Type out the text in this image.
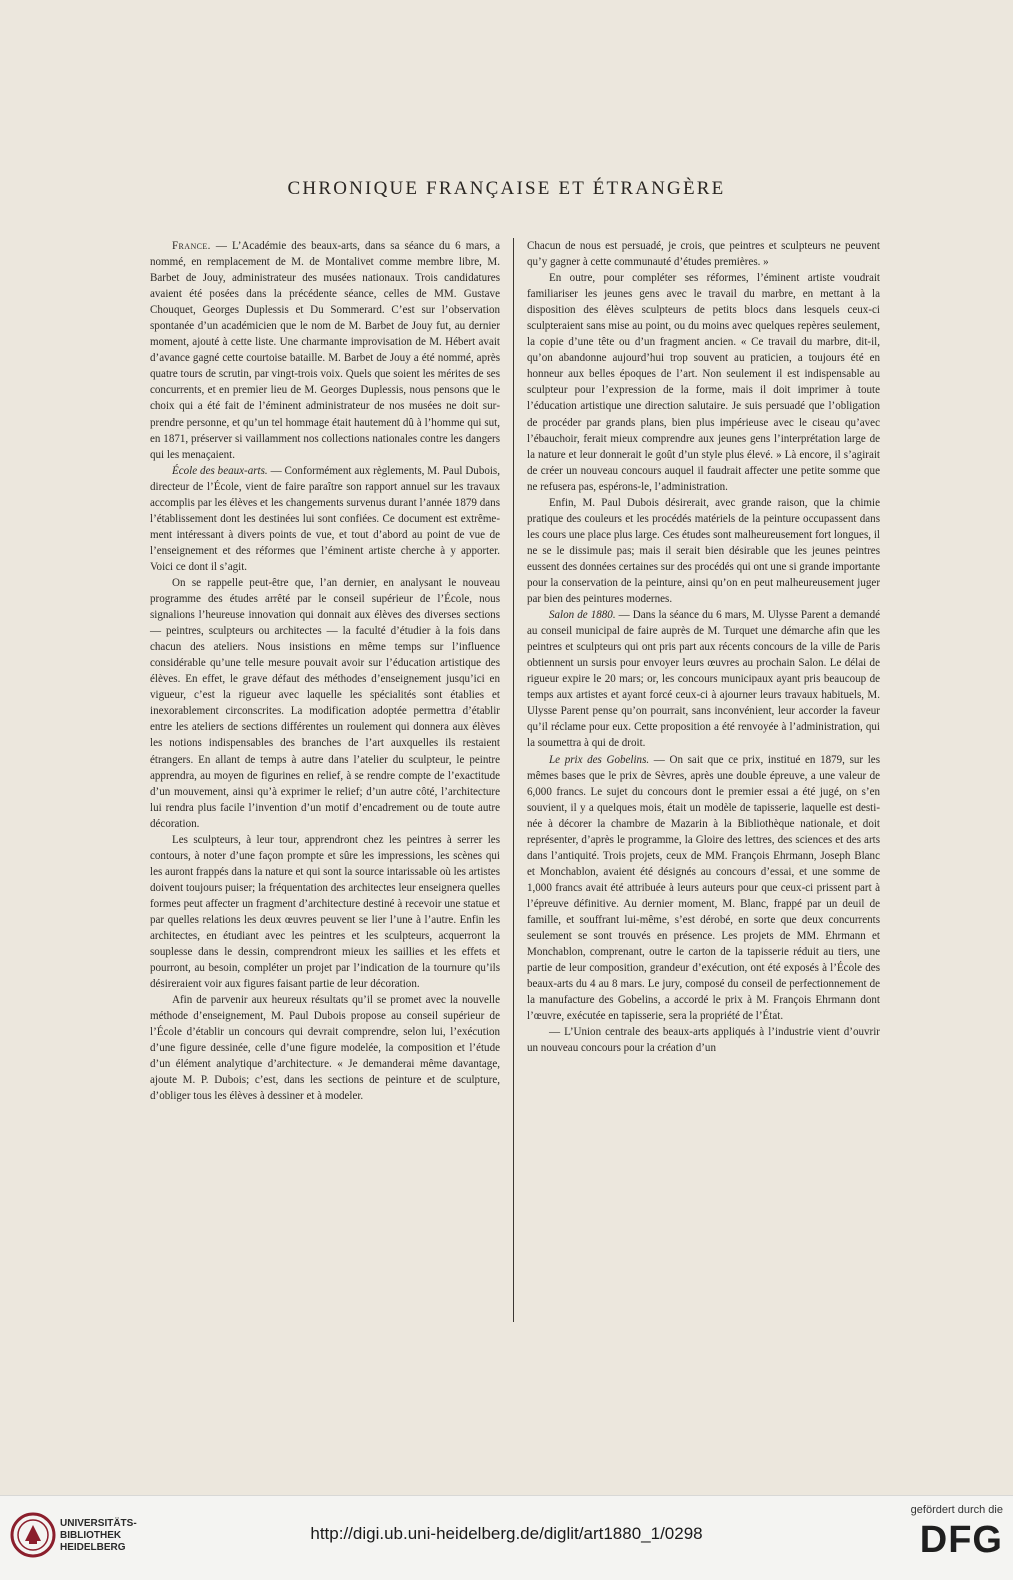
CHRONIQUE FRANÇAISE ET ÉTRANGÈRE

France. — L’Académie des beaux-arts, dans sa séance du 6 mars, a nommé, en remplacement de M. de Montalivet comme membre libre, M. Barbet de Jouy, administrateur des musées nationaux. Trois candidatures avaient été posées dans la précédente séance, celles de MM. Gustave Chouquet, Georges Duplessis et Du Sommerard. C’est sur l’observation spontanée d’un académicien que le nom de M. Barbet de Jouy fut, au dernier moment, ajouté à cette liste. Une charmante improvisation de M. Hébert avait d’avance gagné cette courtoise bataille. M. Barbet de Jouy a été nommé, après quatre tours de scrutin, par vingt-trois voix. Quels que soient les mérites de ses concurrents, et en premier lieu de M. Georges Duplessis, nous pensons que le choix qui a été fait de l’éminent administrateur de nos musées ne doit surprendre personne, et qu’un tel hommage était hautement dû à l’homme qui sut, en 1871, préserver si vaillamment nos collections nationales contre les dangers qui les menaçaient.

École des beaux-arts. — Conformément aux règlements, M. Paul Dubois, directeur de l’École, vient de faire paraître son rapport annuel sur les travaux accomplis par les élèves et les changements survenus durant l’année 1879 dans l’établissement dont les destinées lui sont confiées. Ce document est extrêmement intéressant à divers points de vue, et tout d’abord au point de vue de l’enseignement et des réformes que l’éminent artiste cherche à y apporter. Voici ce dont il s’agit.

On se rappelle peut-être que, l’an dernier, en analysant le nouveau programme des études arrêté par le conseil supérieur de l’École, nous signalions l’heureuse innovation qui donnait aux élèves des diverses sections — peintres, sculpteurs ou architectes — la faculté d’étudier à la fois dans chacun des ateliers. Nous insistions en même temps sur l’influence considérable qu’une telle mesure pouvait avoir sur l’éducation artistique des élèves. En effet, le grave défaut des méthodes d’enseignement jusqu’ici en vigueur, c’est la rigueur avec laquelle les spécialités sont établies et inexorablement circonscrites. La modification adoptée permettra d’établir entre les ateliers de sections différentes un roulement qui donnera aux élèves les notions indispensables des branches de l’art auxquelles ils restaient étrangers. En allant de temps à autre dans l’atelier du sculpteur, le peintre apprendra, au moyen de figurines en relief, à se rendre compte de l’exactitude d’un mouvement, ainsi qu’à exprimer le relief; d’un autre côté, l’architecture lui rendra plus facile l’invention d’un motif d’encadrement ou de toute autre décoration.

Les sculpteurs, à leur tour, apprendront chez les peintres à serrer les contours, à noter d’une façon prompte et sûre les impressions, les scènes qui les auront frappés dans la nature et qui sont la source intarissable où les artistes doivent toujours puiser; la fréquentation des architectes leur enseignera quelles formes peut affecter un fragment d’architecture destiné à recevoir une statue et par quelles relations les deux œuvres peuvent se lier l’une à l’autre. Enfin les architectes, en étudiant avec les peintres et les sculpteurs, acquerront la souplesse dans le dessin, comprendront mieux les saillies et les effets et pourront, au besoin, compléter un projet par l’indication de la tournure qu’ils désireraient voir aux figures faisant partie de leur décoration.

Afin de parvenir aux heureux résultats qu’il se promet avec la nouvelle méthode d’enseignement, M. Paul Dubois propose au conseil supérieur de l’École d’établir un concours qui devrait comprendre, selon lui, l’exécution d’une figure dessinée, celle d’une figure modelée, la composition et l’étude d’un élément analytique d’architecture. « Je demanderai même davantage, ajoute M. P. Dubois; c’est, dans les sections de peinture et de sculpture, d’obliger tous les élèves à dessiner et à modeler.

Chacun de nous est persuadé, je crois, que peintres et sculpteurs ne peuvent qu’y gagner à cette communauté d’études premières. »

En outre, pour compléter ses réformes, l’éminent artiste voudrait familiariser les jeunes gens avec le travail du marbre, en mettant à la disposition des élèves sculpteurs de petits blocs dans lesquels ceux-ci sculpteraient sans mise au point, ou du moins avec quelques repères seulement, la copie d’une tête ou d’un fragment ancien. « Ce travail du marbre, dit-il, qu’on abandonne aujourd’hui trop souvent au praticien, a toujours été en honneur aux belles époques de l’art. Non seulement il est indispensable au sculpteur pour l’expression de la forme, mais il doit imprimer à toute l’éducation artistique une direction salutaire. Je suis persuadé que l’obligation de procéder par grands plans, bien plus impérieuse avec le ciseau qu’avec l’ébauchoir, ferait mieux comprendre aux jeunes gens l’interprétation large de la nature et leur donnerait le goût d’un style plus élevé. » Là encore, il s’agirait de créer un nouveau concours auquel il faudrait affecter une petite somme que ne refusera pas, espérons-le, l’administration.

Enfin, M. Paul Dubois désirerait, avec grande raison, que la chimie pratique des couleurs et les procédés matériels de la peinture occupassent dans les cours une place plus large. Ces études sont malheureusement fort longues, il ne se le dissimule pas; mais il serait bien désirable que les jeunes peintres eussent des données certaines sur des procédés qui ont une si grande importante pour la conservation de la peinture, ainsi qu’on en peut malheureusement juger par bien des peintures modernes.

Salon de 1880. — Dans la séance du 6 mars, M. Ulysse Parent a demandé au conseil municipal de faire auprès de M. Turquet une démarche afin que les peintres et sculpteurs qui ont pris part aux récents concours de la ville de Paris obtiennent un sursis pour envoyer leurs œuvres au prochain Salon. Le délai de rigueur expire le 20 mars; or, les concours municipaux ayant pris beaucoup de temps aux artistes et ayant forcé ceux-ci à ajourner leurs travaux habituels, M. Ulysse Parent pense qu’on pourrait, sans inconvénient, leur accorder la faveur qu’il réclame pour eux. Cette proposition a été renvoyée à l’administration, qui la soumettra à qui de droit.

Le prix des Gobelins. — On sait que ce prix, institué en 1879, sur les mêmes bases que le prix de Sèvres, après une double épreuve, a une valeur de 6,000 francs. Le sujet du concours dont le premier essai a été jugé, on s’en souvient, il y a quelques mois, était un modèle de tapisserie, laquelle est destinée à décorer la chambre de Mazarin à la Bibliothèque nationale, et doit représenter, d’après le programme, la Gloire des lettres, des sciences et des arts dans l’antiquité. Trois projets, ceux de MM. François Ehrmann, Joseph Blanc et Monchablon, avaient été désignés au concours d’essai, et une somme de 1,000 francs avait été attribuée à leurs auteurs pour que ceux-ci prissent part à l’épreuve définitive. Au dernier moment, M. Blanc, frappé par un deuil de famille, et souffrant lui-même, s’est dérobé, en sorte que deux concurrents seulement se sont trouvés en présence. Les projets de MM. Ehrmann et Monchablon, comprenant, outre le carton de la tapisserie réduit au tiers, une partie de leur composition, grandeur d’exécution, ont été exposés à l’École des beaux-arts du 4 au 8 mars. Le jury, composé du conseil de perfectionnement de la manufacture des Gobelins, a accordé le prix à M. François Ehrmann dont l’œuvre, exécutée en tapisserie, sera la propriété de l’État.

— L’Union centrale des beaux-arts appliqués à l’industrie vient d’ouvrir un nouveau concours pour la création d’un

UNIVERSITÄTS-
BIBLIOTHEK
HEIDELBERG
http://digi.ub.uni-heidelberg.de/diglit/art1880_1/0298
gefördert durch die
DFG
